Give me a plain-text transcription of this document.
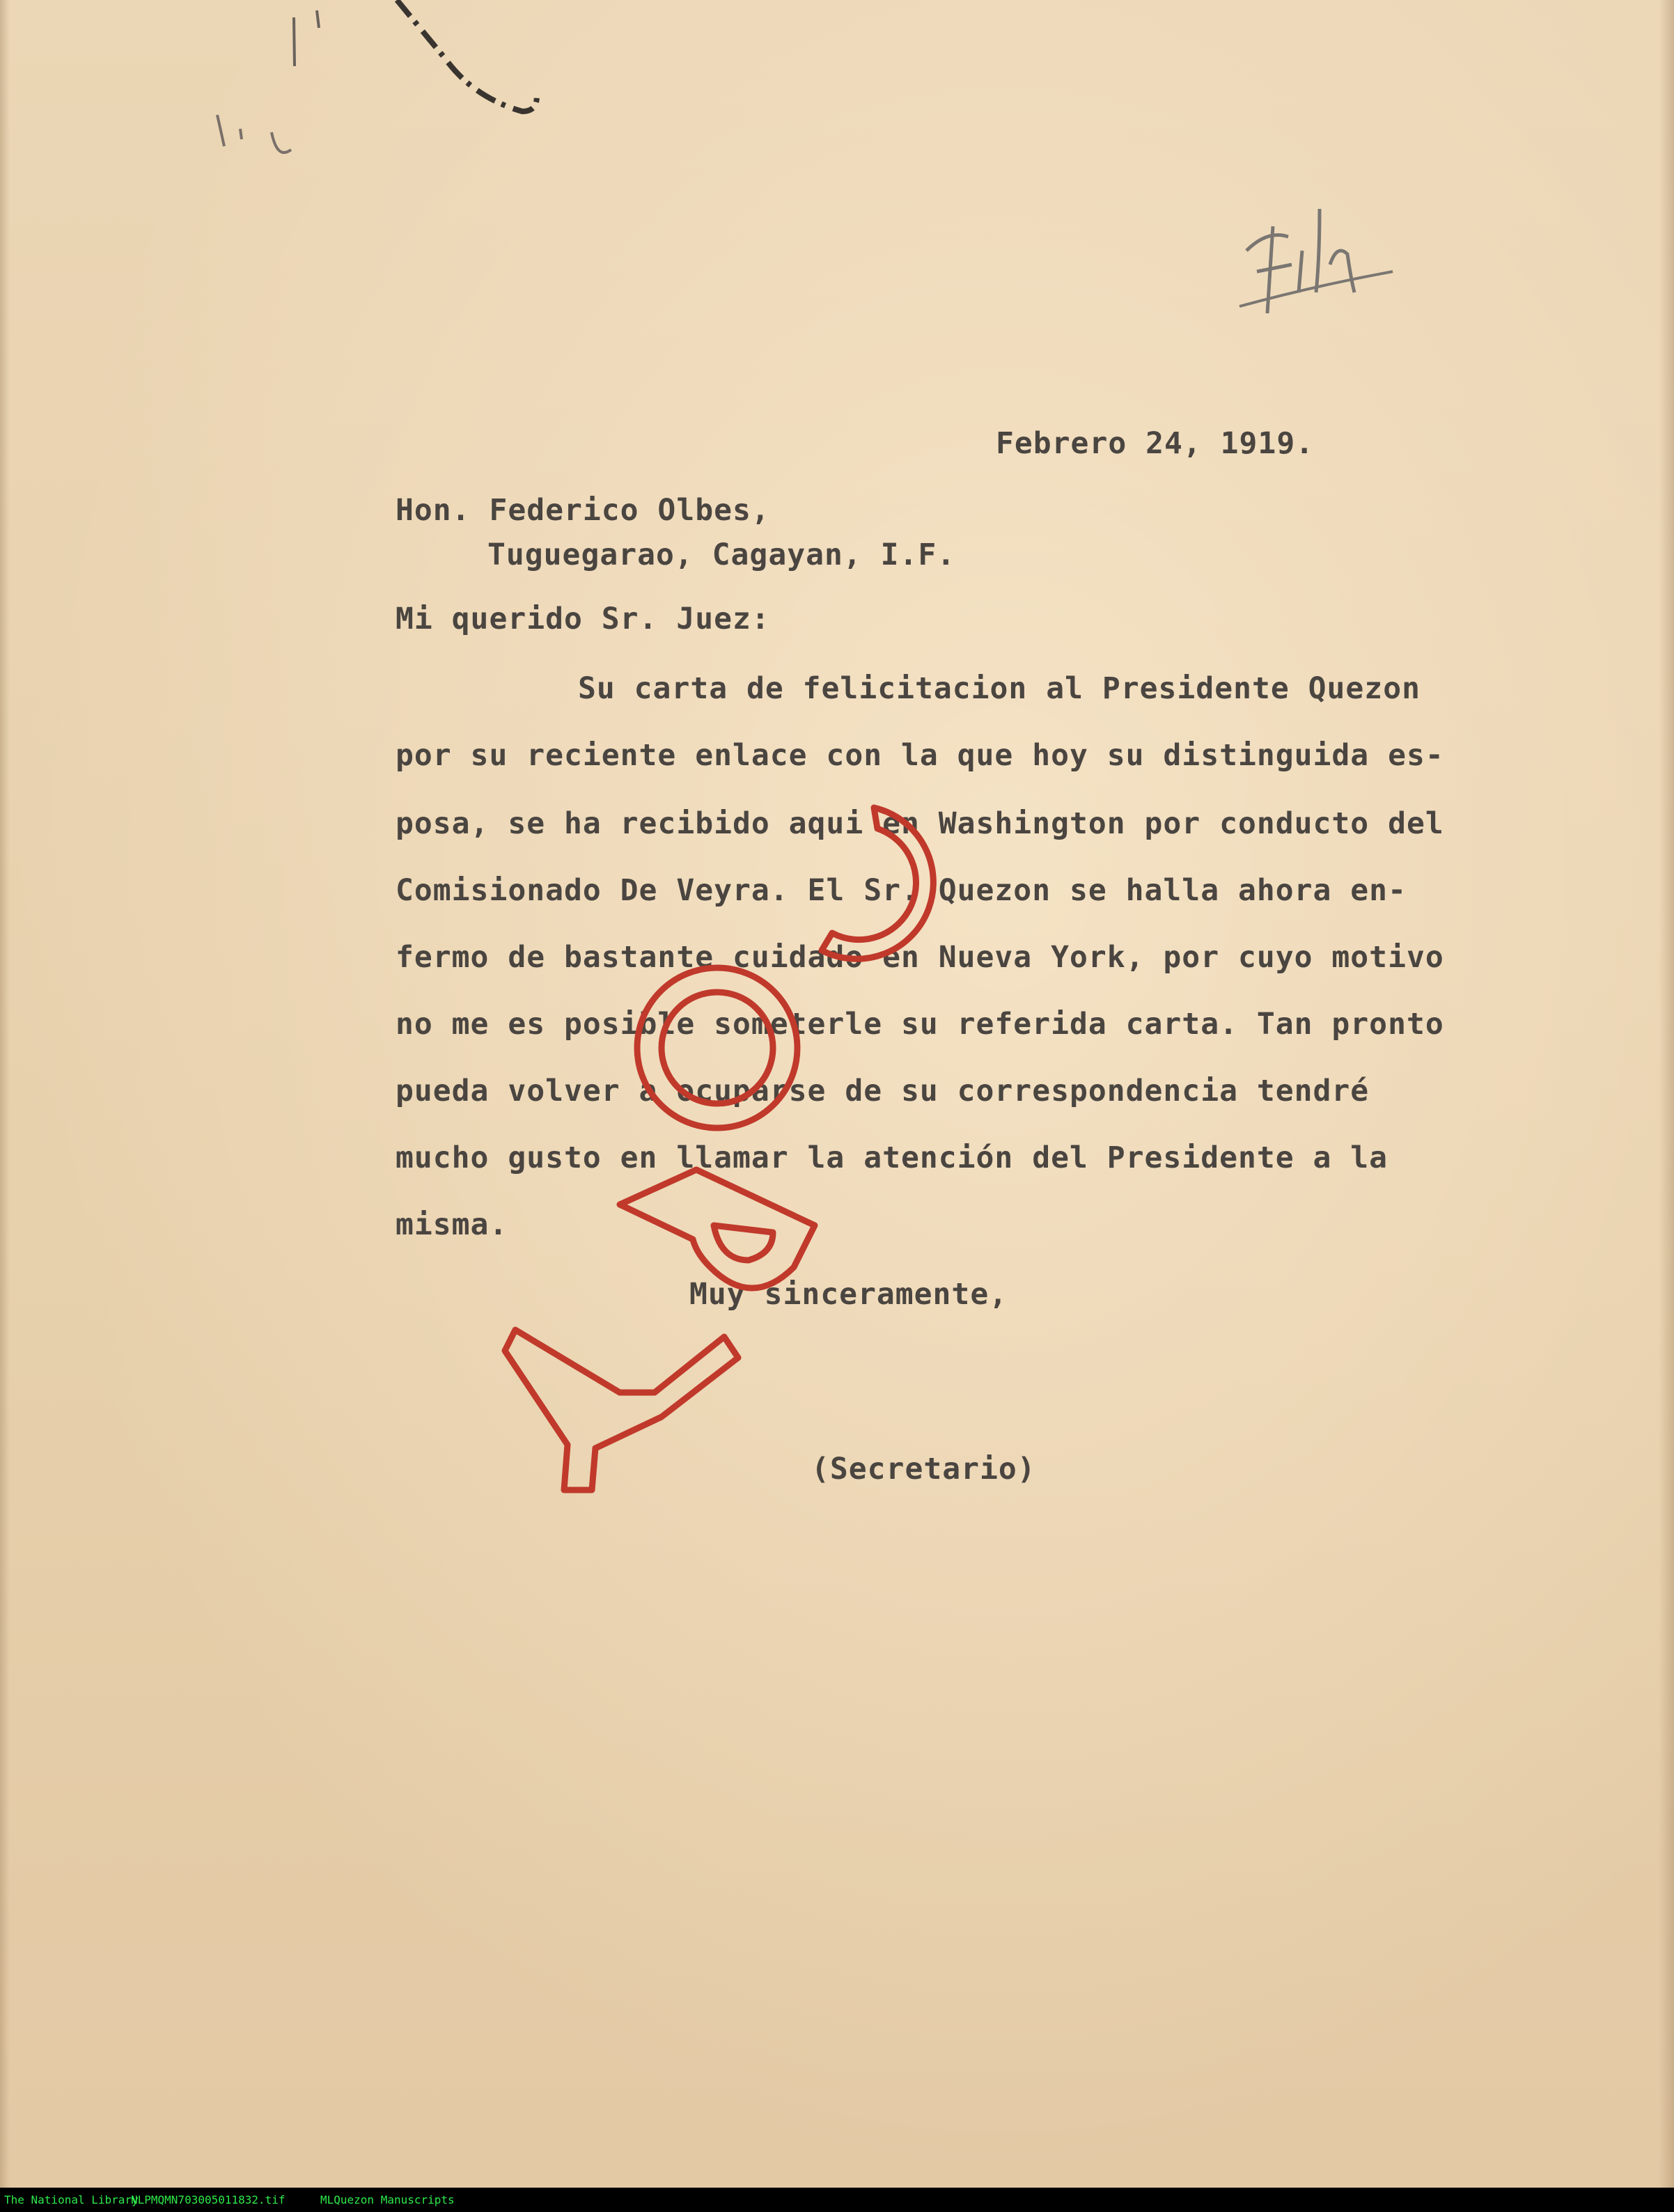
Febrero 24, 1919.

Hon. Federico Olbes,

Tuguegarao, Cagayan, I.F.

Mi querido Sr. Juez:

Su carta de felicitacion al Presidente Quezon

por su reciente enlace con la que hoy su distinguida es-

posa, se ha recibido aqui en Washington por conducto del

Comisionado De Veyra. El Sr. Quezon se halla ahora en-

fermo de bastante cuidado en Nueva York, por cuyo motivo

no me es posible someterle su referida carta. Tan pronto

pueda volver a ocuparse de su correspondencia tendré

mucho gusto en llamar la atención del Presidente a la

misma.

Muy sinceramente,

(Secretario)

The National Library
NLPMQMN703005011832.tif	MLQuezon Manuscripts
